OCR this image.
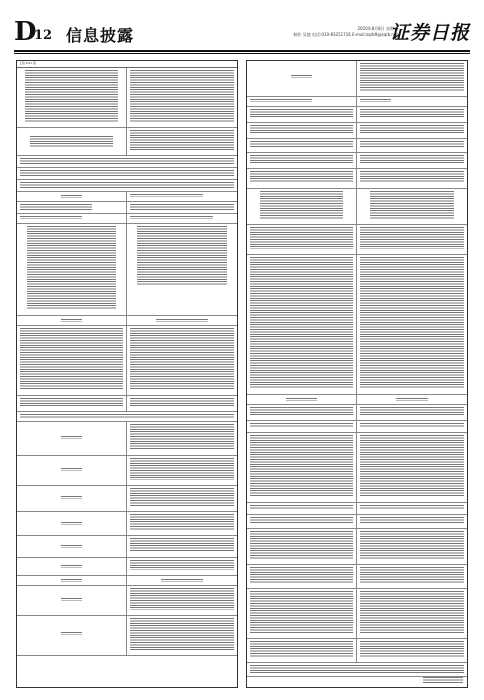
D
12 信息披露	2020年8月8日 星期六
制作 吴越 电话:010-83251716 E-mail:zqrb9@zqrb.net
证券日报
上接 D11 版
